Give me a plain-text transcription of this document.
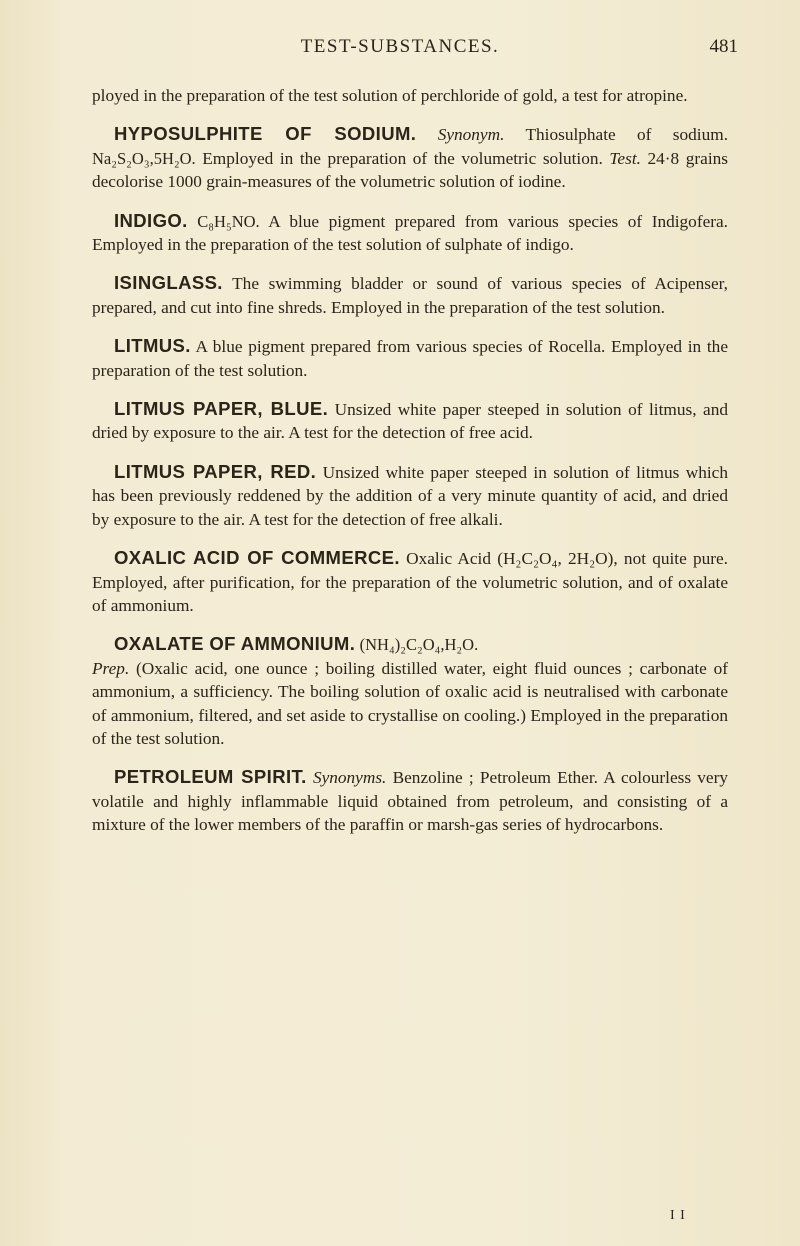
TEST-SUBSTANCES.	481

ployed in the preparation of the test solution of perchloride of gold, a test for atropine.

HYPOSULPHITE OF SODIUM. Synonym. Thiosulphate of sodium. Na₂S₂O₃,5H₂O. Employed in the preparation of the volumetric solution. Test. 24·8 grains decolorise 1000 grain-measures of the volumetric solution of iodine.

INDIGO. C₈H₅NO. A blue pigment prepared from various species of Indigofera. Employed in the preparation of the test solution of sulphate of indigo.

ISINGLASS. The swimming bladder or sound of various species of Acipenser, prepared, and cut into fine shreds. Employed in the preparation of the test solution.

LITMUS. A blue pigment prepared from various species of Rocella. Employed in the preparation of the test solution.

LITMUS PAPER, BLUE. Unsized white paper steeped in solution of litmus, and dried by exposure to the air. A test for the detection of free acid.

LITMUS PAPER, RED. Unsized white paper steeped in solution of litmus which has been previously reddened by the addition of a very minute quantity of acid, and dried by exposure to the air. A test for the detection of free alkali.

OXALIC ACID OF COMMERCE. Oxalic Acid (H₂C₂O₄, 2H₂O), not quite pure. Employed, after purification, for the preparation of the volumetric solution, and of oxalate of ammonium.

OXALATE OF AMMONIUM. (NH₄)₂C₂O₄,H₂O.
Prep. (Oxalic acid, one ounce ; boiling distilled water, eight fluid ounces ; carbonate of ammonium, a sufficiency. The boiling solution of oxalic acid is neutralised with carbonate of ammonium, filtered, and set aside to crystallise on cooling.) Employed in the preparation of the test solution.

PETROLEUM SPIRIT. Synonyms. Benzoline ; Petroleum Ether. A colourless very volatile and highly inflammable liquid obtained from petroleum, and consisting of a mixture of the lower members of the paraffin or marsh-gas series of hydrocarbons.

I I
